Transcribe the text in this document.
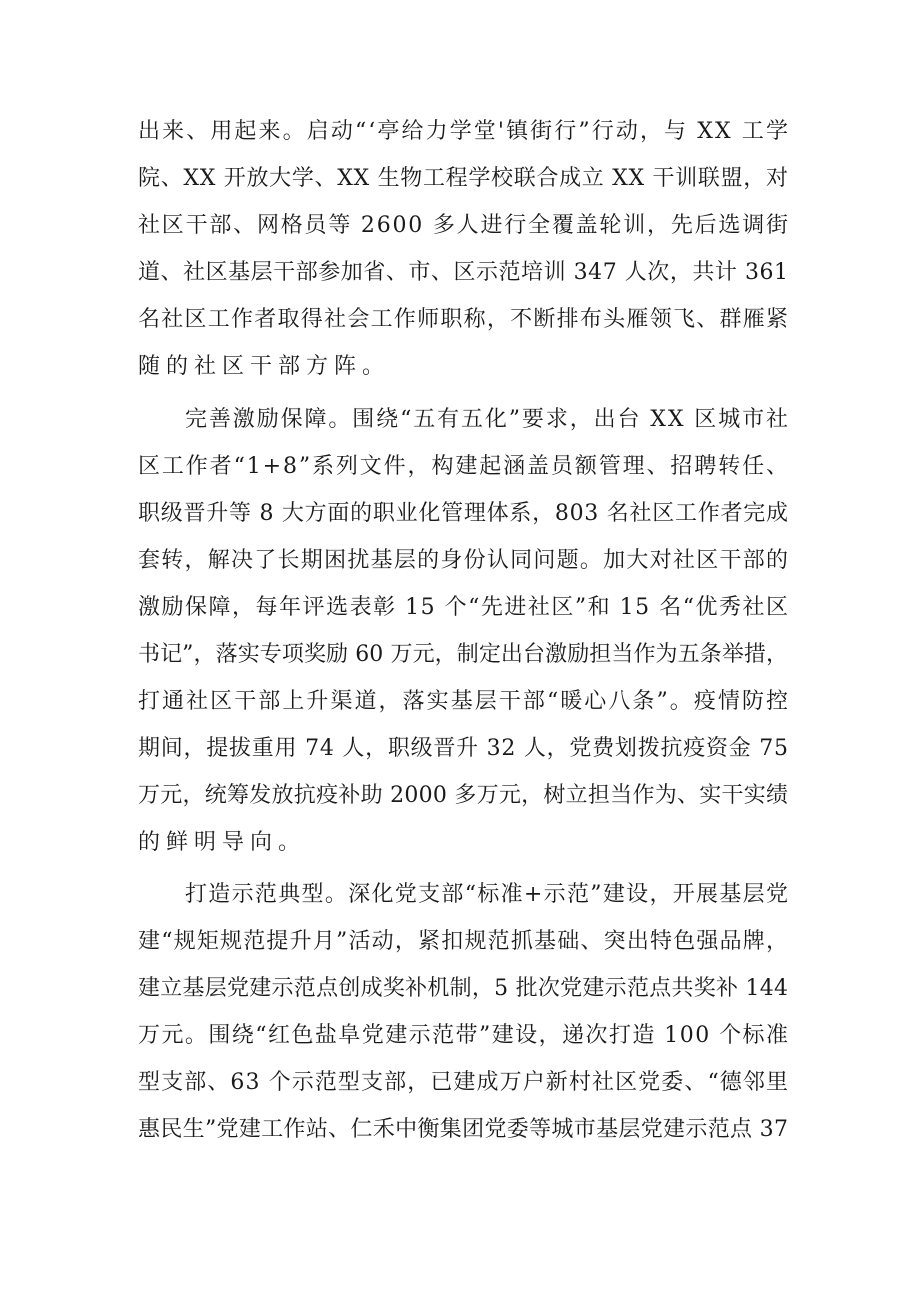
出来、用起来。启动“‘亭给力学堂'镇街行”行动，与 XX 工学
院、XX 开放大学、XX 生物工程学校联合成立 XX 干训联盟，对
社区干部、网格员等 2600 多人进行全覆盖轮训，先后选调街
道、社区基层干部参加省、市、区示范培训 347 人次，共计 361
名社区工作者取得社会工作师职称，不断排布头雁领飞、群雁紧
随的社区干部方阵。
完善激励保障。围绕“五有五化”要求，出台 XX 区城市社
区工作者“1+8”系列文件，构建起涵盖员额管理、招聘转任、
职级晋升等 8 大方面的职业化管理体系，803 名社区工作者完成
套转，解决了长期困扰基层的身份认同问题。加大对社区干部的
激励保障，每年评选表彰 15 个“先进社区”和 15 名“优秀社区
书记”，落实专项奖励 60 万元，制定出台激励担当作为五条举措，
打通社区干部上升渠道，落实基层干部“暖心八条”。疫情防控
期间，提拔重用 74 人，职级晋升 32 人，党费划拨抗疫资金 75
万元，统筹发放抗疫补助 2000 多万元，树立担当作为、实干实绩
的鲜明导向。
打造示范典型。深化党支部“标准+示范”建设，开展基层党
建“规矩规范提升月”活动，紧扣规范抓基础、突出特色强品牌，
建立基层党建示范点创成奖补机制，5 批次党建示范点共奖补 144
万元。围绕“红色盐阜党建示范带”建设，递次打造 100 个标准
型支部、63 个示范型支部，已建成万户新村社区党委、“德邻里
惠民生”党建工作站、仁禾中衡集团党委等城市基层党建示范点 37
